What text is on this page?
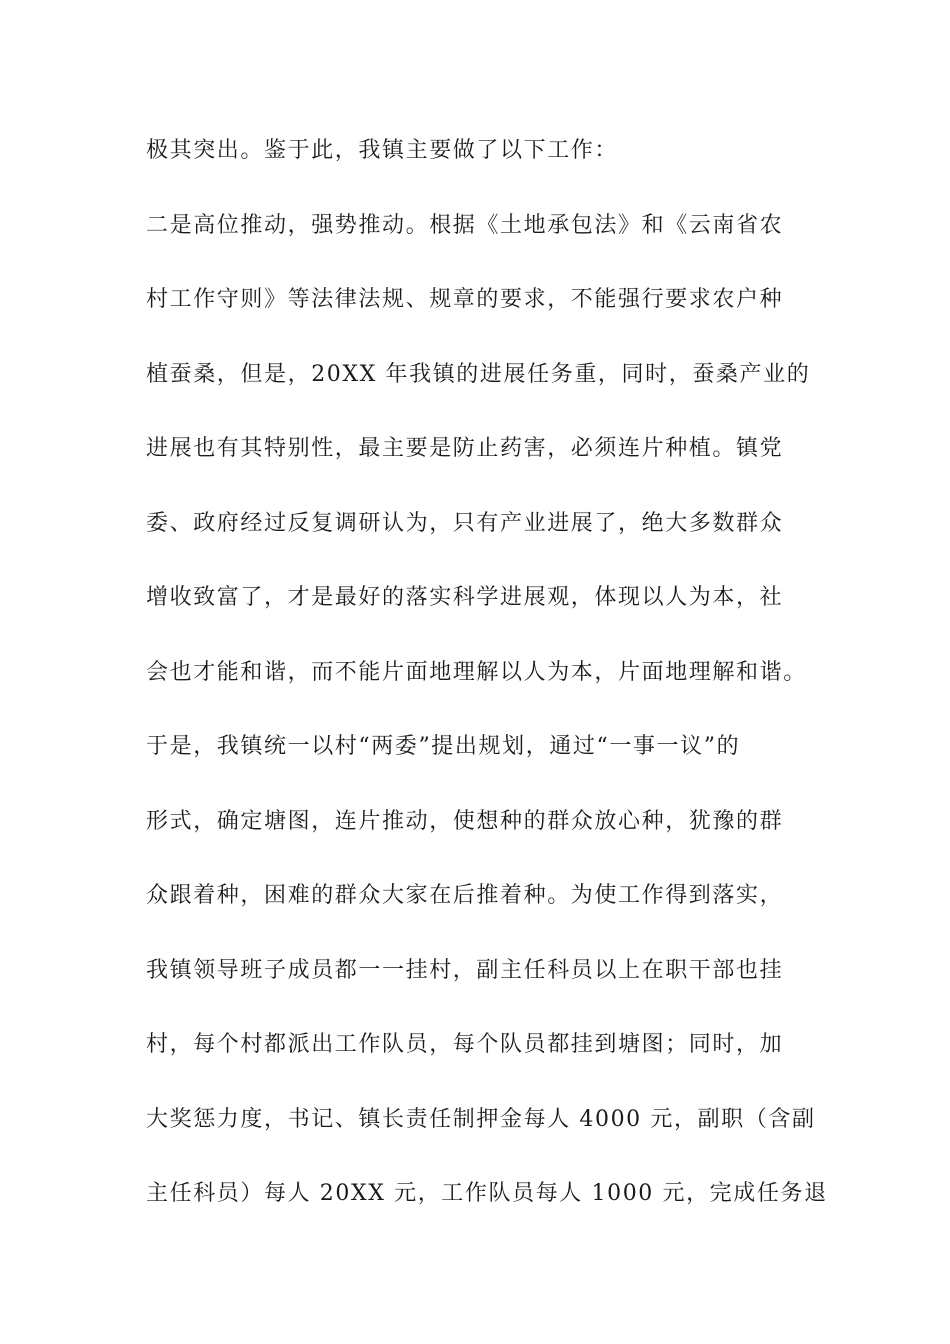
极其突出。鉴于此，我镇主要做了以下工作：
二是高位推动，强势推动。根据《土地承包法》和《云南省农
村工作守则》等法律法规、规章的要求，不能强行要求农户种
植蚕桑，但是，20XX 年我镇的进展任务重，同时，蚕桑产业的
进展也有其特别性，最主要是防止药害，必须连片种植。镇党
委、政府经过反复调研认为，只有产业进展了，绝大多数群众
增收致富了，才是最好的落实科学进展观，体现以人为本，社
会也才能和谐，而不能片面地理解以人为本，片面地理解和谐。
于是，我镇统一以村“两委”提出规划，通过“一事一议”的
形式，确定塘图，连片推动，使想种的群众放心种，犹豫的群
众跟着种，困难的群众大家在后推着种。为使工作得到落实，
我镇领导班子成员都一一挂村，副主任科员以上在职干部也挂
村，每个村都派出工作队员，每个队员都挂到塘图；同时，加
大奖惩力度，书记、镇长责任制押金每人 4000 元，副职（含副
主任科员）每人 20XX 元，工作队员每人 1000 元，完成任务退
